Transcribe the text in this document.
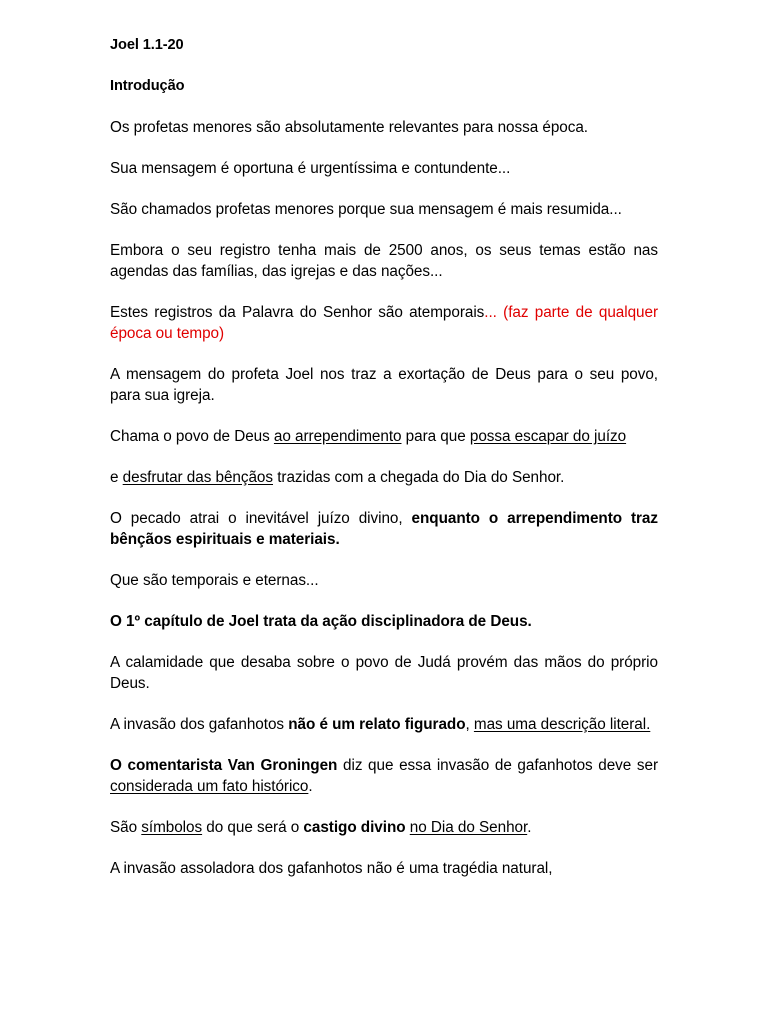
Joel 1.1-20
Introdução

Os profetas menores são absolutamente relevantes para nossa época.

Sua mensagem é oportuna é urgentíssima e contundente...

São chamados profetas menores porque sua mensagem é mais resumida...

Embora o seu registro tenha mais de 2500 anos, os seus temas estão nas agendas das famílias, das igrejas e das nações...

Estes registros da Palavra do Senhor são atemporais... (faz parte de qualquer época ou tempo)

A mensagem do profeta Joel nos traz a exortação de Deus para o seu povo, para sua igreja.

Chama o povo de Deus ao arrependimento para que possa escapar do juízo

e desfrutar das bênçãos trazidas com a chegada do Dia do Senhor.

O pecado atrai o inevitável juízo divino, enquanto o arrependimento traz bênçãos espirituais e materiais.

Que são temporais e eternas...

O 1º capítulo de Joel trata da ação disciplinadora de Deus.

A calamidade que desaba sobre o povo de Judá provém das mãos do próprio Deus.

A invasão dos gafanhotos não é um relato figurado, mas uma descrição literal.

O comentarista Van Groningen diz que essa invasão de gafanhotos deve ser considerada um fato histórico.

São símbolos do que será o castigo divino no Dia do Senhor.

A invasão assoladora dos gafanhotos não é uma tragédia natural,
